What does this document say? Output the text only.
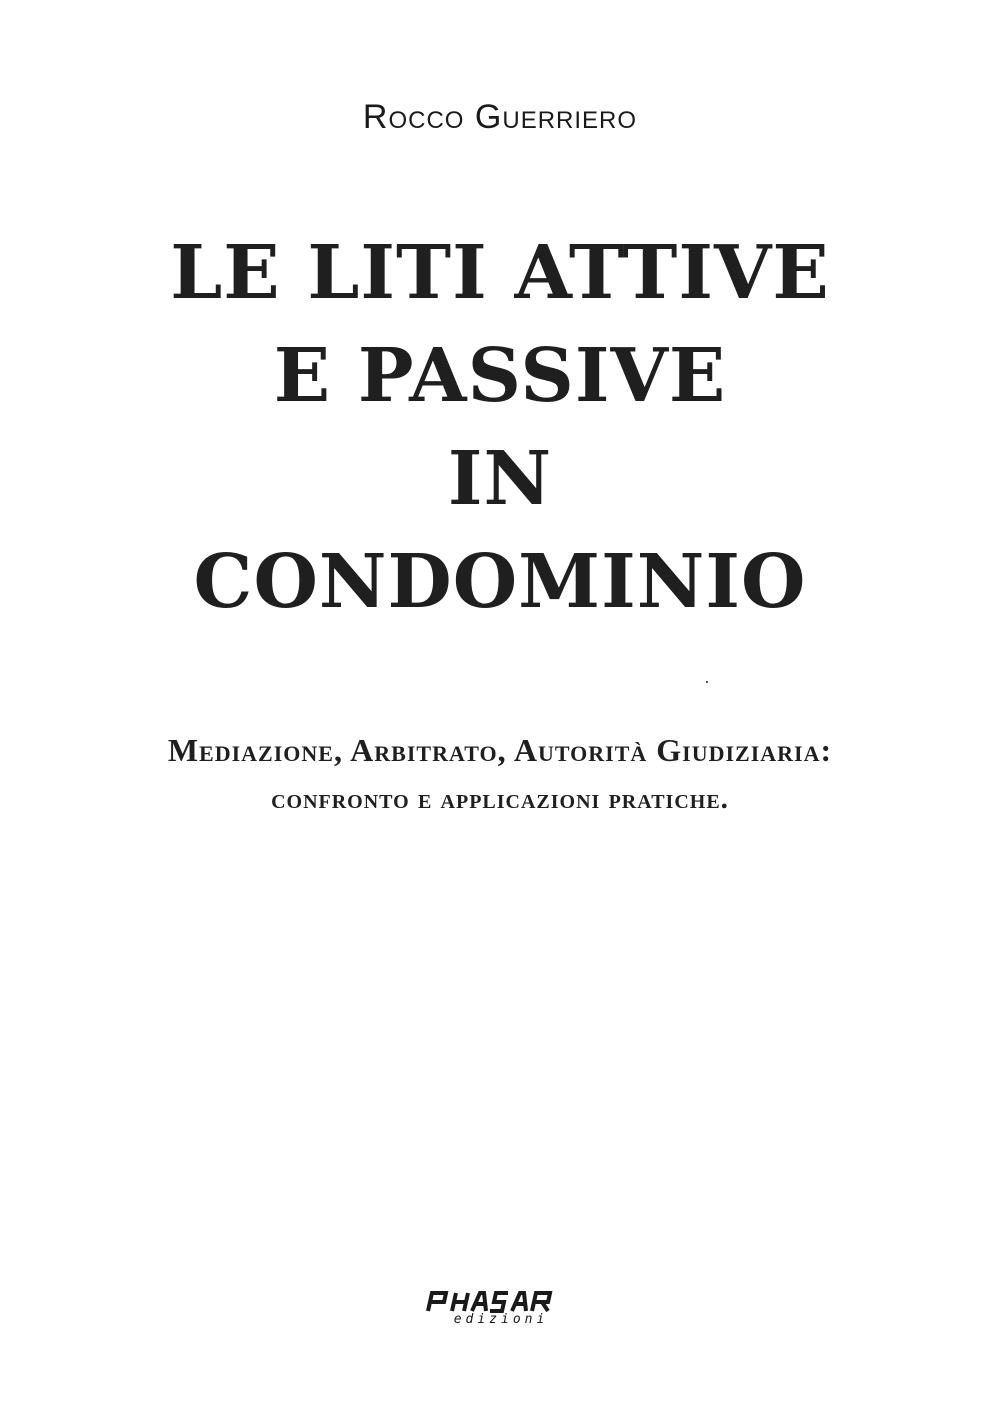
Rocco Guerriero
LE LITI ATTIVE
E PASSIVE
IN
CONDOMINIO
Mediazione, Arbitrato, Autorità Giudiziaria:
confronto e applicazioni pratiche.
edizioni
